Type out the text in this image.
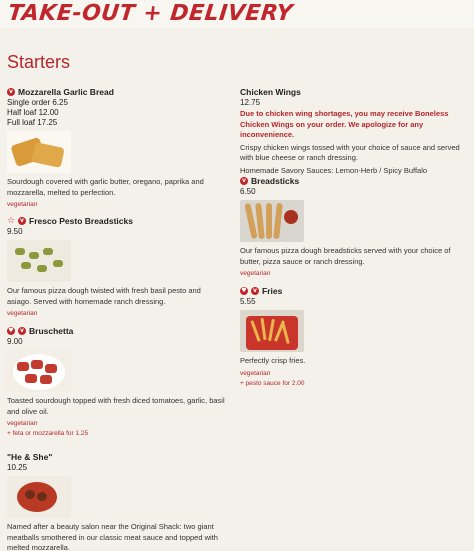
TAKE-OUT + DELIVERY
Starters
v Mozzarella Garlic Bread
Single order 6.25
Half loaf 12.00
Full loaf 17.25
Sourdough covered with garlic butter, oregano, paprika and mozzarella, melted to perfection.
vegetarian
☆ v Fresco Pesto Breadsticks
9.50
Our famous pizza dough twisted with fresh basil pesto and asiago. Served with homemade ranch dressing.
vegetarian
♥	v Bruschetta
9.00
Toasted sourdough topped with fresh diced tomatoes, garlic, basil and olive oil.
vegetarian
+ feta or mozzarella for 1.25
"He & She"
10.25
Named after a beauty salon near the Original Shack: two giant meatballs smothered in our classic meat sauce and topped with melted mozzarella.
Chicken Wings
12.75
Due to chicken wing shortages, you may receive Boneless Chicken Wings on your order. We apologize for any inconvenience.
Crispy chicken wings tossed with your choice of sauce and served with blue cheese or ranch dressing.
Homemade Savory Sauces: Lemon-Herb / Spicy Buffalo
v Breadsticks
6.50
Our famous pizza dough breadsticks served with your choice of butter, pizza sauce or ranch dressing.
vegetarian
♥	v Fries
5.55
Perfectly crisp fries.
vegetarian
+ pesto sauce for 2.00
